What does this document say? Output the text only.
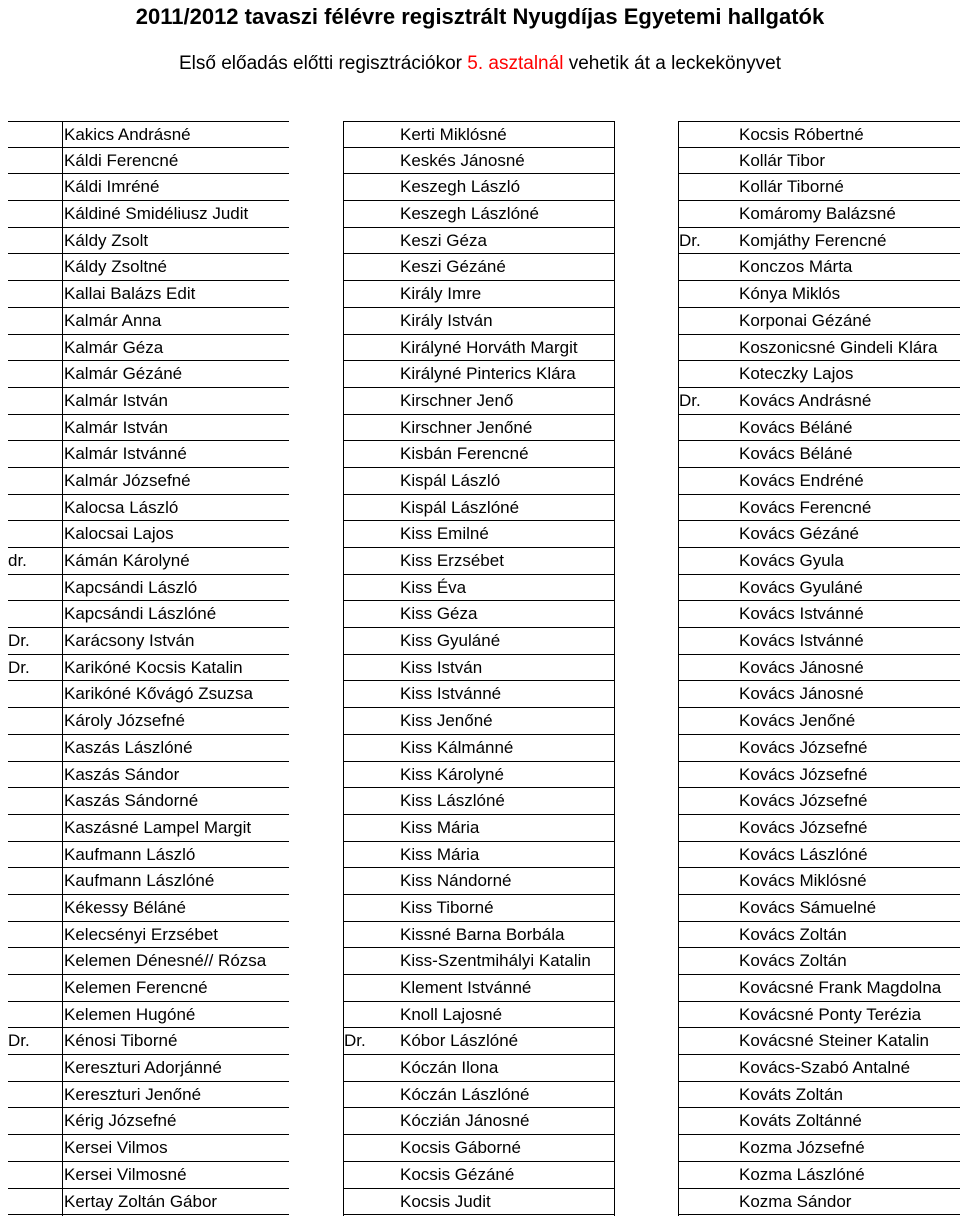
2011/2012 tavaszi félévre regisztrált Nyugdíjas Egyetemi hallgatók
Első előadás előtti regisztrációkor 5. asztalnál vehetik át a leckekönyvet
Kakics Andrásné
Káldi Ferencné
Káldi Imréné
Káldiné Smidéliusz Judit
Káldy Zsolt
Káldy Zsoltné
Kallai Balázs Edit
Kalmár Anna
Kalmár Géza
Kalmár Gézáné
Kalmár István
Kalmár István
Kalmár Istvánné
Kalmár Józsefné
Kalocsa László
Kalocsai Lajos
dr. Kámán Károlyné
Kapcsándi László
Kapcsándi Lászlóné
Dr. Karácsony István
Dr. Karikóné Kocsis Katalin
Karikóné Kővágó Zsuzsa
Károly Józsefné
Kaszás Lászlóné
Kaszás Sándor
Kaszás Sándorné
Kaszásné Lampel Margit
Kaufmann László
Kaufmann Lászlóné
Kékessy Béláné
Kelecsényi Erzsébet
Kelemen Dénesné// Rózsa
Kelemen Ferencné
Kelemen Hugóné
Dr. Kénosi Tiborné
Kereszturi Adorjánné
Kereszturi Jenőné
Kérig Józsefné
Kersei Vilmos
Kersei Vilmosné
Kertay Zoltán Gábor
Kerti Miklósné
Keskés Jánosné
Keszegh László
Keszegh Lászlóné
Keszi Géza
Keszi Gézáné
Király Imre
Király István
Királyné Horváth Margit
Királyné Pinterics Klára
Kirschner Jenő
Kirschner Jenőné
Kisbán Ferencné
Kispál László
Kispál Lászlóné
Kiss Emilné
Kiss Erzsébet
Kiss Éva
Kiss Géza
Kiss Gyuláné
Kiss István
Kiss Istvánné
Kiss Jenőné
Kiss Kálmánné
Kiss Károlyné
Kiss Lászlóné
Kiss Mária
Kiss Mária
Kiss Nándorné
Kiss Tiborné
Kissné Barna Borbála
Kiss-Szentmihályi Katalin
Klement Istvánné
Knoll Lajosné
Dr. Kóbor Lászlóné
Kóczán Ilona
Kóczán Lászlóné
Kóczián Jánosné
Kocsis Gáborné
Kocsis Gézáné
Kocsis Judit
Kocsis Róbertné
Kollár Tibor
Kollár Tiborné
Komáromy Balázsné
Dr. Komjáthy Ferencné
Konczos Márta
Kónya Miklós
Korponai Gézáné
Koszonicsné Gindeli Klára
Koteczky Lajos
Dr. Kovács Andrásné
Kovács Béláné
Kovács Béláné
Kovács Endréné
Kovács Ferencné
Kovács Gézáné
Kovács Gyula
Kovács Gyuláné
Kovács Istvánné
Kovács Istvánné
Kovács Jánosné
Kovács Jánosné
Kovács Jenőné
Kovács Józsefné
Kovács Józsefné
Kovács Józsefné
Kovács Józsefné
Kovács Lászlóné
Kovács Miklósné
Kovács Sámuelné
Kovács Zoltán
Kovács Zoltán
Kovácsné Frank Magdolna
Kovácsné Ponty Terézia
Kovácsné Steiner Katalin
Kovács-Szabó Antalné
Kováts Zoltán
Kováts Zoltánné
Kozma Józsefné
Kozma Lászlóné
Kozma Sándor
